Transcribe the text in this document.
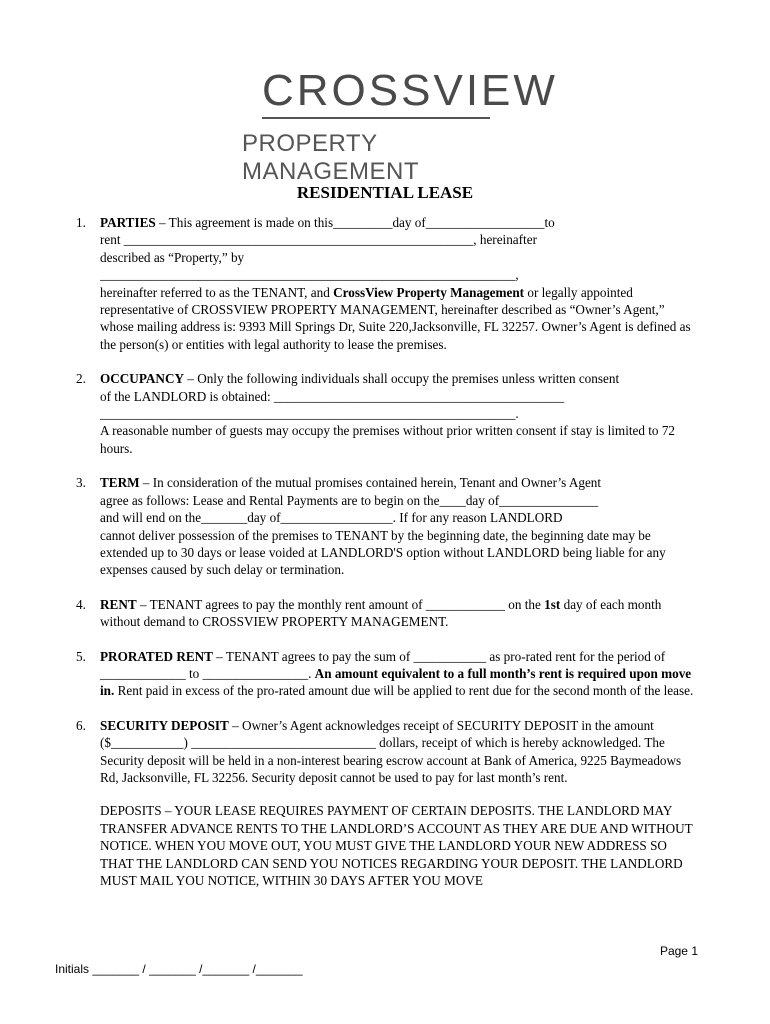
CROSSVIEW
PROPERTY MANAGEMENT
RESIDENTIAL LEASE
1. PARTIES – This agreement is made on this_________day of__________________to
rent _____________________________________________________, hereinafter
described as “Property,” by
_______________________________________________________________,
hereinafter referred to as the TENANT, and CrossView Property Management or legally appointed representative of CROSSVIEW PROPERTY MANAGEMENT, hereinafter described as “Owner’s Agent,” whose mailing address is: 9393 Mill Springs Dr, Suite 220,Jacksonville, FL 32257. Owner’s Agent is defined as the person(s) or entities with legal authority to lease the premises.
2. OCCUPANCY – Only the following individuals shall occupy the premises unless written consent
of the LANDLORD is obtained: ____________________________________________
_______________________________________________________________.
A reasonable number of guests may occupy the premises without prior written consent if stay is limited to 72 hours.
3. TERM – In consideration of the mutual promises contained herein, Tenant and Owner’s Agent
agree as follows: Lease and Rental Payments are to begin on the____day of_______________
and will end on the_______day of_________________. If for any reason LANDLORD
cannot deliver possession of the premises to TENANT by the beginning date, the beginning date may be extended up to 30 days or lease voided at LANDLORD'S option without LANDLORD being liable for any expenses caused by such delay or termination.
4. RENT – TENANT agrees to pay the monthly rent amount of ____________ on the 1st day of each month without demand to CROSSVIEW PROPERTY MANAGEMENT.
5. PRORATED RENT – TENANT agrees to pay the sum of ___________ as pro-rated rent for the period of _____________ to ________________. An amount equivalent to a full month’s rent is required upon move in. Rent paid in excess of the pro-rated amount due will be applied to rent due for the second month of the lease.
6. SECURITY DEPOSIT – Owner’s Agent acknowledges receipt of SECURITY DEPOSIT in the amount ($___________) ____________________________ dollars, receipt of which is hereby acknowledged. The Security deposit will be held in a non-interest bearing escrow account at Bank of America, 9225 Baymeadows Rd, Jacksonville, FL 32256. Security deposit cannot be used to pay for last month’s rent.
DEPOSITS – YOUR LEASE REQUIRES PAYMENT OF CERTAIN DEPOSITS. THE LANDLORD MAY TRANSFER ADVANCE RENTS TO THE LANDLORD’S ACCOUNT AS THEY ARE DUE AND WITHOUT NOTICE. WHEN YOU MOVE OUT, YOU MUST GIVE THE LANDLORD YOUR NEW ADDRESS SO THAT THE LANDLORD CAN SEND YOU NOTICES REGARDING YOUR DEPOSIT. THE LANDLORD MUST MAIL YOU NOTICE, WITHIN 30 DAYS AFTER YOU MOVE
Page 1
Initials _______ / _______ /_______ /_______
